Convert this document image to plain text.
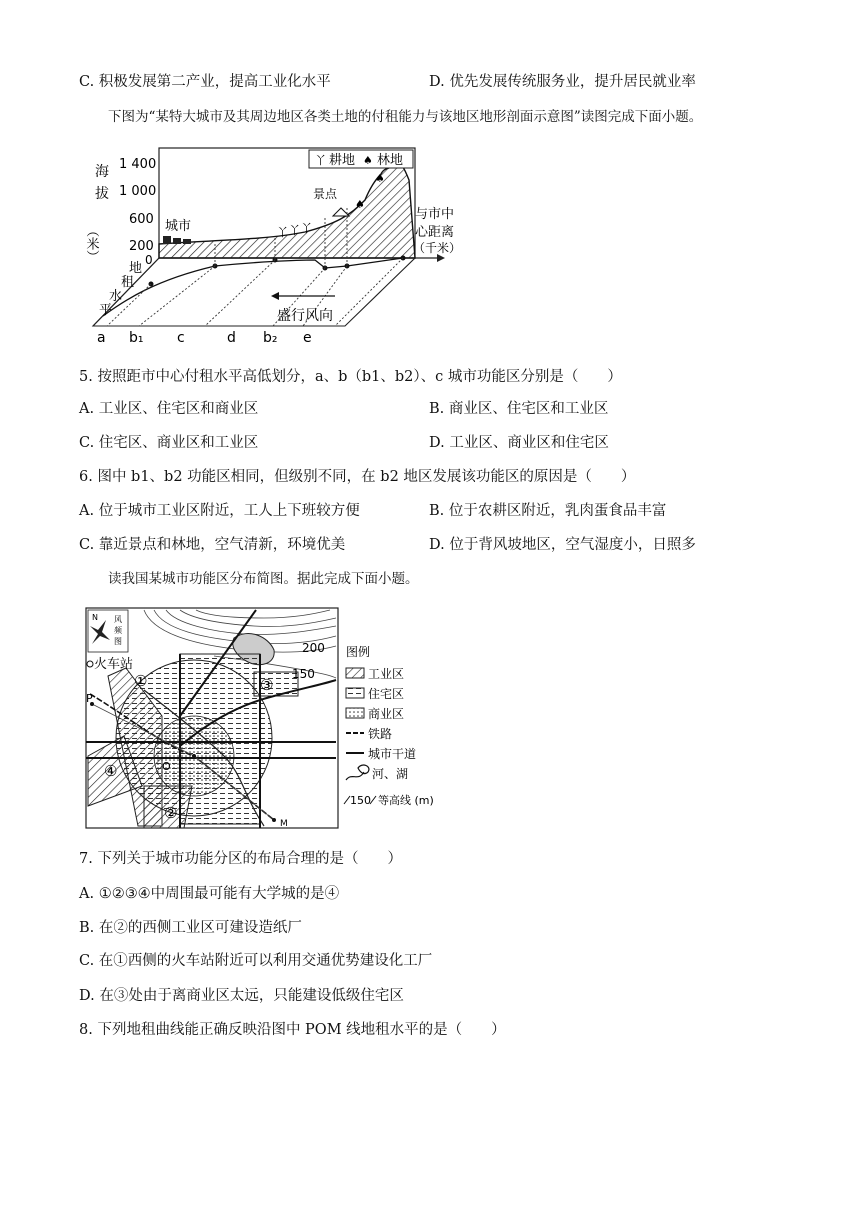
C. 积极发展第二产业，提高工业化水平	D. 优先发展传统服务业，提升居民就业率
下图为“某特大城市及其周边地区各类土地的付租能力与该地区地形剖面示意图”读图完成下面小题。
海
拔
（米）
1 400
1 000
600
200
0
城市	丫 丫 丫
♠
♠
景点
丫 耕地 ♠ 林地
与市中
心距离
（千米）
地
租
水
平	盛行风向
a b₁ c	d b₂ e
5. 按照距市中心付租水平高低划分，a、b（b1、b2）、c 城市功能区分别是（　　）
A. 工业区、住宅区和商业区	B. 商业区、住宅区和工业区
C. 住宅区、商业区和工业区	D. 工业区、商业区和住宅区
6. 图中 b1、b2 功能区相同，但级别不同，在 b2 地区发展该功能区的原因是（　　）
A. 位于城市工业区附近，工人上下班较方便	B. 位于农耕区附近，乳肉蛋食品丰富
C. 靠近景点和林地，空气清新，环境优美	D. 位于背风坡地区，空气湿度小，日照多
读我国某城市功能区分布简图。据此完成下面小题。
N 风
频
图
火车站
200
150
P
O
M
①
②
③
④
图例
工业区
住宅区
商业区
铁路
城市干道
河、湖
150 等高线 (m)
7. 下列关于城市功能分区的布局合理的是（　　）
A. ①②③④中周围最可能有大学城的是④
B. 在②的西侧工业区可建设造纸厂
C. 在①西侧的火车站附近可以利用交通优势建设化工厂
D. 在③处由于离商业区太远，只能建设低级住宅区
8. 下列地租曲线能正确反映沿图中 POM 线地租水平的是（　　）
